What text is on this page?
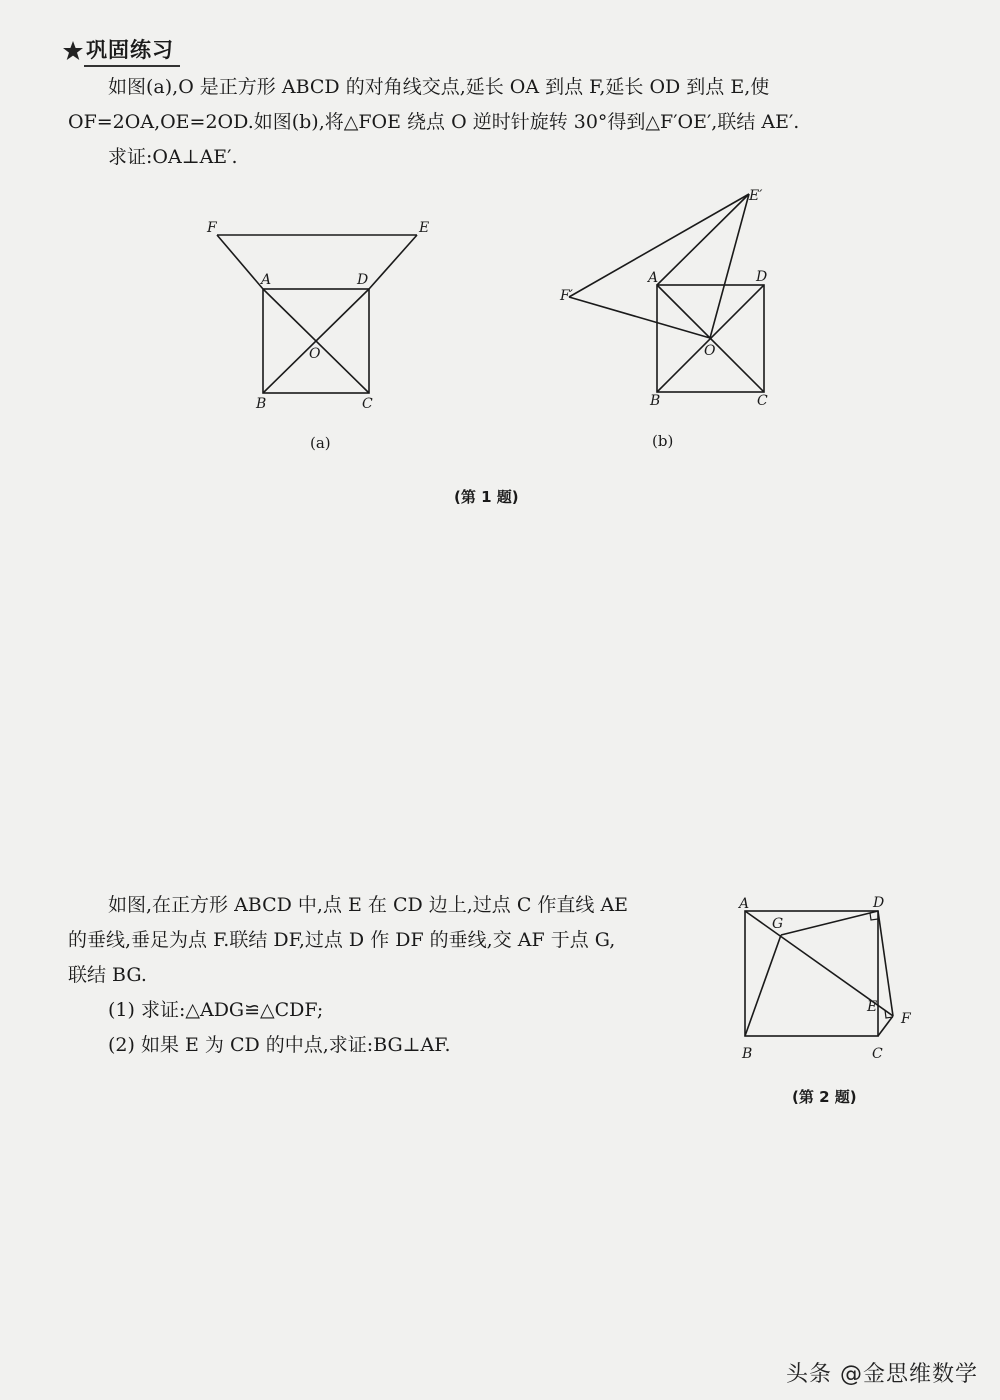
巩固练习
如图(a),O 是正方形 ABCD 的对角线交点,延长 OA 到点 F,延长 OD 到点 E,使
OF=2OA,OE=2OD.如图(b),将△FOE 绕点 O 逆时针旋转 30°得到△F′OE′,联结 AE′.
求证:OA⊥AE′.
F	E
A	D
O
B	C
(a)
E′
F′
A	D
O
B	C
(b)
(第 1 题)
如图,在正方形 ABCD 中,点 E 在 CD 边上,过点 C 作直线 AE
的垂线,垂足为点 F.联结 DF,过点 D 作 DF 的垂线,交 AF 于点 G,
联结 BG.
(1) 求证:△ADG≌△CDF;
(2) 如果 E 为 CD 的中点,求证:BG⊥AF.
A	D
G
E
F
B	C
(第 2 题)
头条 @金思维数学
